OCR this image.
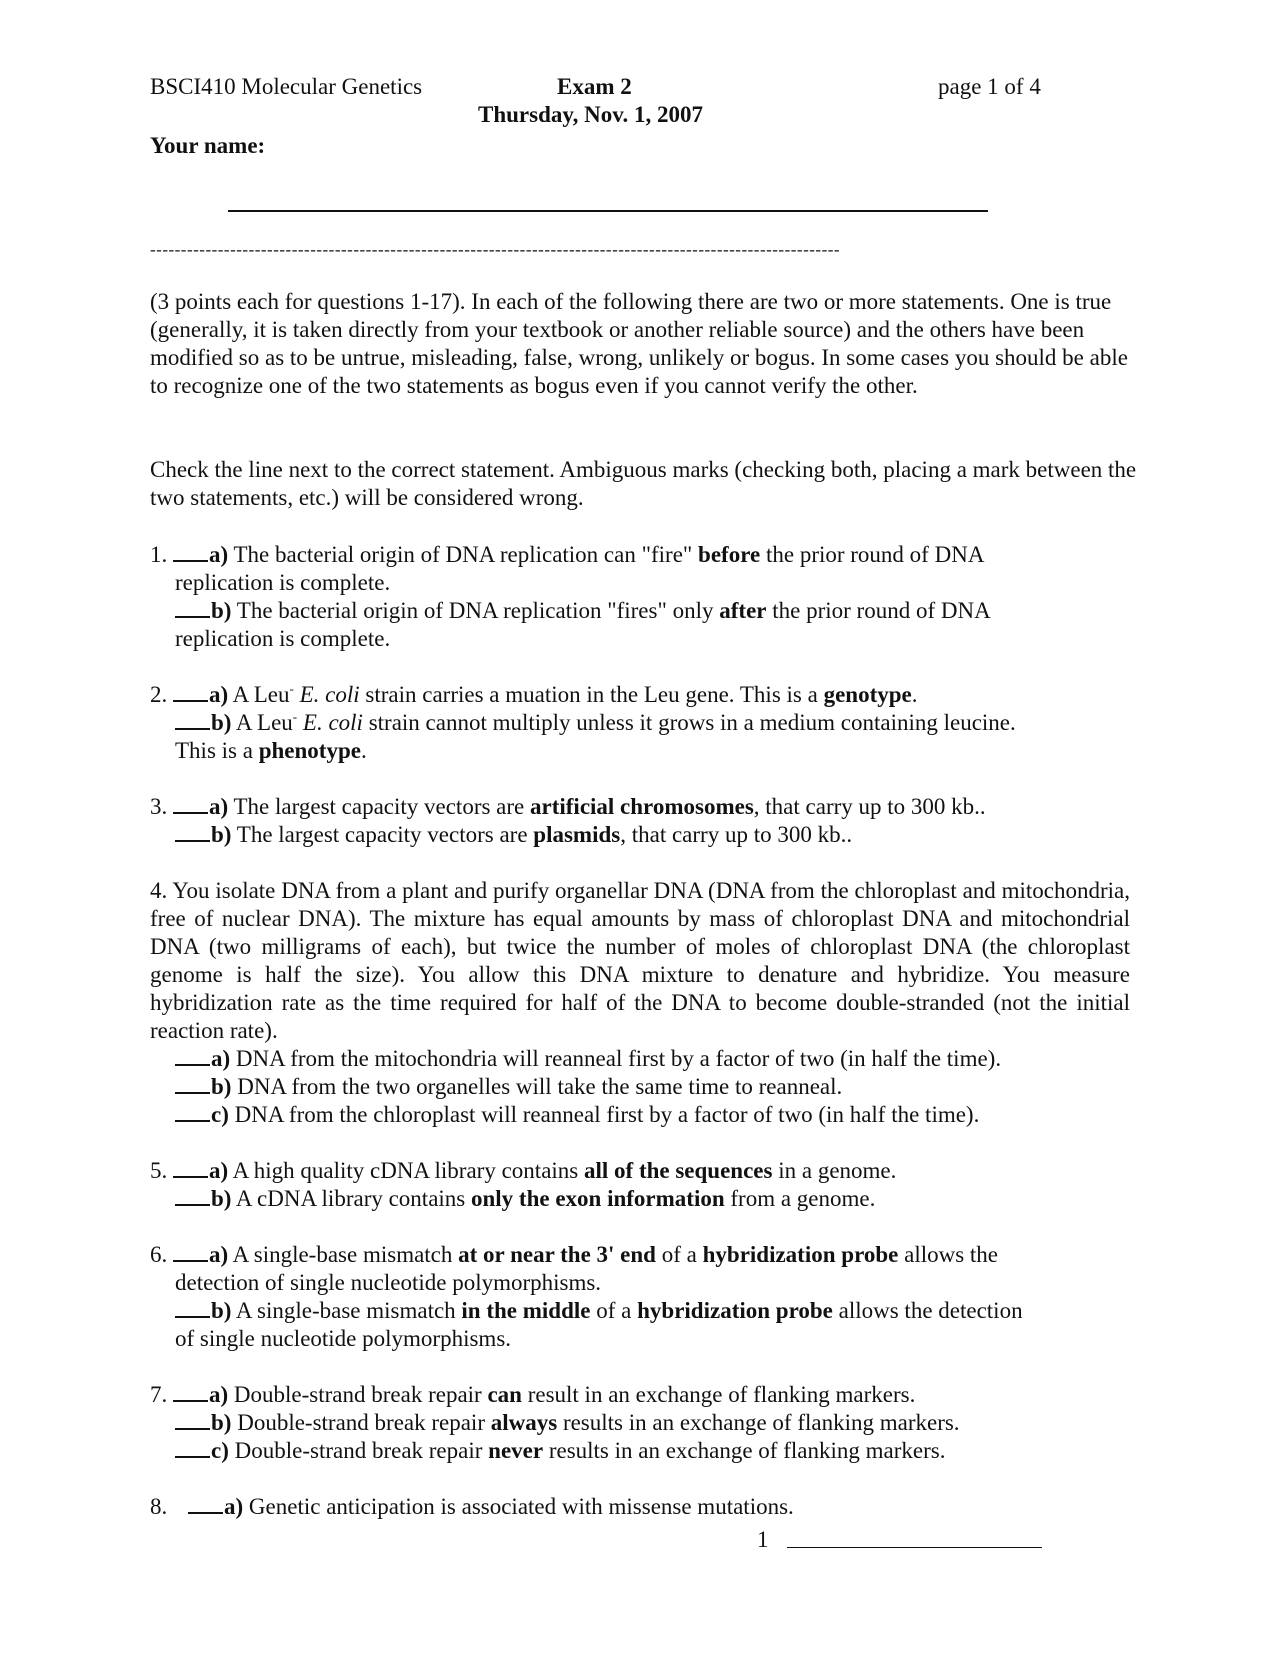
BSCI410 Molecular Genetics	Exam 2	page 1 of 4
Thursday, Nov. 1, 2007
Your name:
----------------------------------------------------------------------------------------------------------------
(3 points each for questions 1-17). In each of the following there are two or more statements. One is true (generally, it is taken directly from your textbook or another reliable source) and the others have been modified so as to be untrue, misleading, false, wrong, unlikely or bogus. In some cases you should be able to recognize one of the two statements as bogus even if you cannot verify the other.
Check the line next to the correct statement. Ambiguous marks (checking both, placing a mark between the two statements, etc.) will be considered wrong.
1. a) The bacterial origin of DNA replication can "fire" before the prior round of DNA
replication is complete.
b) The bacterial origin of DNA replication "fires" only after the prior round of DNA
replication is complete.
2. a) A Leu- E. coli strain carries a muation in the Leu gene. This is a genotype.
b) A Leu- E. coli strain cannot multiply unless it grows in a medium containing leucine.
This is a phenotype.
3. a) The largest capacity vectors are artificial chromosomes, that carry up to 300 kb..
b) The largest capacity vectors are plasmids, that carry up to 300 kb..
4. You isolate DNA from a plant and purify organellar DNA (DNA from the chloroplast and mitochondria, free of nuclear DNA). The mixture has equal amounts by mass of chloroplast DNA and mitochondrial DNA (two milligrams of each), but twice the number of moles of chloroplast DNA (the chloroplast genome is half the size). You allow this DNA mixture to denature and hybridize. You measure hybridization rate as the time required for half of the DNA to become double-stranded (not the initial reaction rate).
a) DNA from the mitochondria will reanneal first by a factor of two (in half the time).
b) DNA from the two organelles will take the same time to reanneal.
c) DNA from the chloroplast will reanneal first by a factor of two (in half the time).
5. a) A high quality cDNA library contains all of the sequences in a genome.
b) A cDNA library contains only the exon information from a genome.
6. a) A single-base mismatch at or near the 3' end of a hybridization probe allows the
detection of single nucleotide polymorphisms.
b) A single-base mismatch in the middle of a hybridization probe allows the detection
of single nucleotide polymorphisms.
7. a) Double-strand break repair can result in an exchange of flanking markers.
b) Double-strand break repair always results in an exchange of flanking markers.
c) Double-strand break repair never results in an exchange of flanking markers.
8. a) Genetic anticipation is associated with missense mutations.
1
